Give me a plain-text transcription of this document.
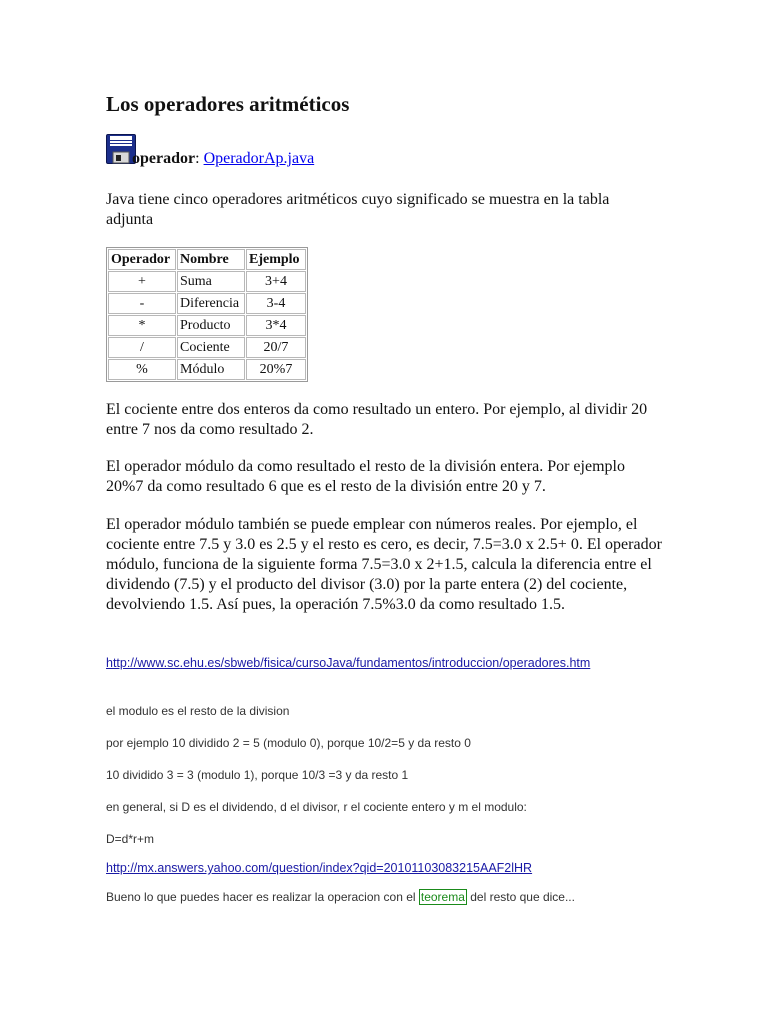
Los operadores aritméticos
operador: OperadorAp.java

Java tiene cinco operadores aritméticos cuyo significado se muestra en la tabla adjunta

Operador	Nombre	Ejemplo
+	Suma	3+4
-	Diferencia	3-4
*	Producto	3*4
/	Cociente	20/7
%	Módulo	20%7

El cociente entre dos enteros da como resultado un entero. Por ejemplo, al dividir 20 entre 7 nos da como resultado 2.

El operador módulo da como resultado el resto de la división entera. Por ejemplo 20%7 da como resultado 6 que es el resto de la división entre 20 y 7.

El operador módulo también se puede emplear con números reales. Por ejemplo, el cociente entre 7.5 y 3.0 es 2.5 y el resto es cero, es decir, 7.5=3.0 x 2.5+ 0. El operador módulo, funciona de la siguiente forma 7.5=3.0 x 2+1.5, calcula la diferencia entre el dividendo (7.5) y el producto del divisor (3.0) por la parte entera (2) del cociente, devolviendo 1.5. Así pues, la operación 7.5%3.0 da como resultado 1.5.

http://www.sc.ehu.es/sbweb/fisica/cursoJava/fundamentos/introduccion/operadores.htm

el modulo es el resto de la division

por ejemplo 10 dividido 2 = 5 (modulo 0), porque 10/2=5 y da resto 0

10 dividido 3 = 3 (modulo 1), porque 10/3 =3 y da resto 1

en general, si D es el dividendo, d el divisor, r el cociente entero y m el modulo:

D=d*r+m

http://mx.answers.yahoo.com/question/index?qid=20101103083215AAF2lHR

Bueno lo que puedes hacer es realizar la operacion con el teorema del resto que dice...
